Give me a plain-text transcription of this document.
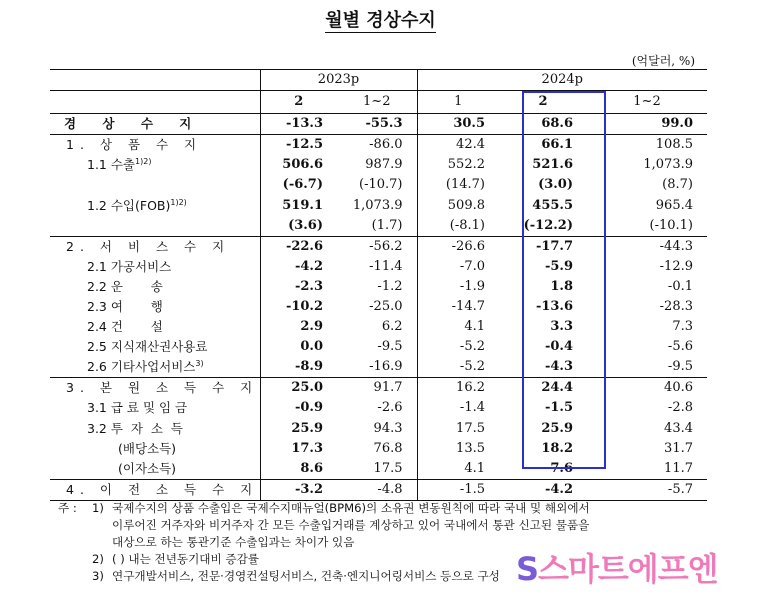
월별 경상수지
(억달러, %)
	2023p		2024p		
	2	1~2	1	2	1~2
경 상 수 지	-13.3	-55.3	30.5	68.6	99.0
1. 상 품 수 지	-12.5	-86.0	42.4	66.1	108.5
1.1 수출$^{1)2)}$	506.6	987.9	552.2	521.6	1,073.9
	(-6.7)	(-10.7)	(14.7)	(3.0)	(8.7)
1.2 수입(FOB)$^{1)2)}$	519.1	1,073.9	509.8	455.5	965.4
	(3.6)	(1.7)	(-8.1)	(-12.2)	(-10.1)
2. 서 비 스 수 지	-22.6	-56.2	-26.6	-17.7	-44.3
2.1 가공서비스	-4.2	-11.4	-7.0	-5.9	-12.9
2.2 운       송	-2.3	-1.2	-1.9	1.8	-0.1
2.3 여       행	-10.2	-25.0	-14.7	-13.6	-28.3
2.4 건       설	2.9	6.2	4.1	3.3	7.3
2.5 지식재산권사용료	0.0	-9.5	-5.2	-0.4	-5.6
2.6 기타사업서비스$^{3)}$	-8.9	-16.9	-5.2	-4.3	-9.5
3. 본 원 소 득 수 지	25.0	91.7	16.2	24.4	40.6
3.1 급 료 및 임 금	-0.9	-2.6	-1.4	-1.5	-2.8
3.2 투  자  소  득	25.9	94.3	17.5	25.9	43.4
(배당소득)	17.3	76.8	13.5	18.2	31.7
(이자소득)	8.6	17.5	4.1	7.6	11.7
4. 이 전 소 득 수 지	-3.2	-4.8	-1.5	-4.2	-5.7
주 :	1) 국제수지의 상품 수출입은 국제수지매뉴얼(BPM6)의 소유권 변동원칙에 따라 국내 및 해외에서
이루어진 거주자와 비거주자 간 모든 수출입거래를 계상하고 있어 국내에서 통관 신고된 물품을
대상으로 하는 통관기준 수출입과는 차이가 있음
2) ( ) 내는 전년동기대비 증감률
3) 연구개발서비스, 전문·경영컨설팅서비스, 건축·엔지니어링서비스 등으로 구성 S스마트에프엔
